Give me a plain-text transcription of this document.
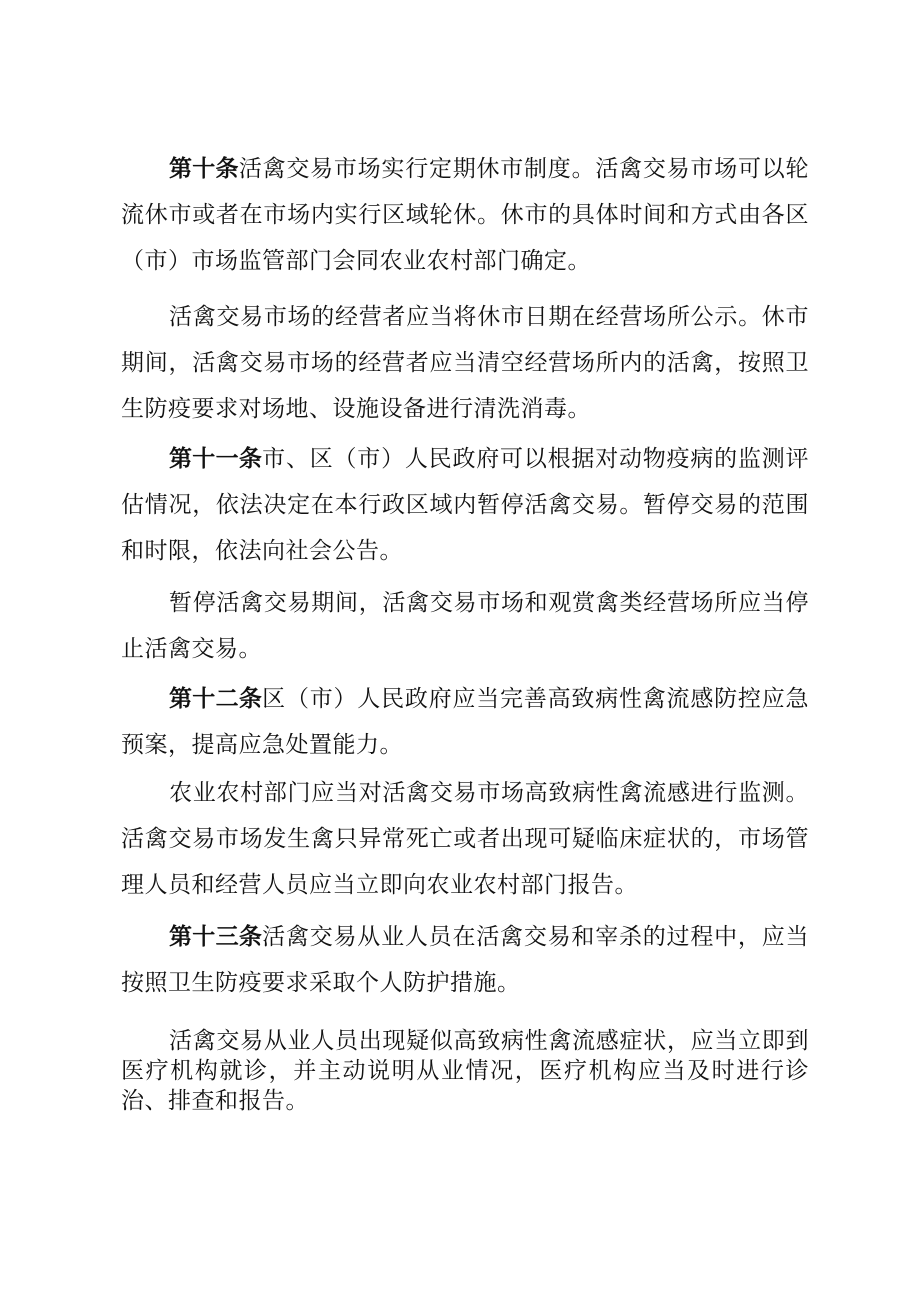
第十条活禽交易市场实行定期休市制度。活禽交易市场可以轮流休市或者在市场内实行区域轮休。休市的具体时间和方式由各区（市）市场监管部门会同农业农村部门确定。

活禽交易市场的经营者应当将休市日期在经营场所公示。休市期间，活禽交易市场的经营者应当清空经营场所内的活禽，按照卫生防疫要求对场地、设施设备进行清洗消毒。

第十一条市、区（市）人民政府可以根据对动物疫病的监测评估情况，依法决定在本行政区域内暂停活禽交易。暂停交易的范围和时限，依法向社会公告。

暂停活禽交易期间，活禽交易市场和观赏禽类经营场所应当停止活禽交易。

第十二条区（市）人民政府应当完善高致病性禽流感防控应急预案，提高应急处置能力。

农业农村部门应当对活禽交易市场高致病性禽流感进行监测。活禽交易市场发生禽只异常死亡或者出现可疑临床症状的，市场管理人员和经营人员应当立即向农业农村部门报告。

第十三条活禽交易从业人员在活禽交易和宰杀的过程中，应当按照卫生防疫要求采取个人防护措施。

活禽交易从业人员出现疑似高致病性禽流感症状，应当立即到医疗机构就诊，并主动说明从业情况，医疗机构应当及时进行诊治、排查和报告。
